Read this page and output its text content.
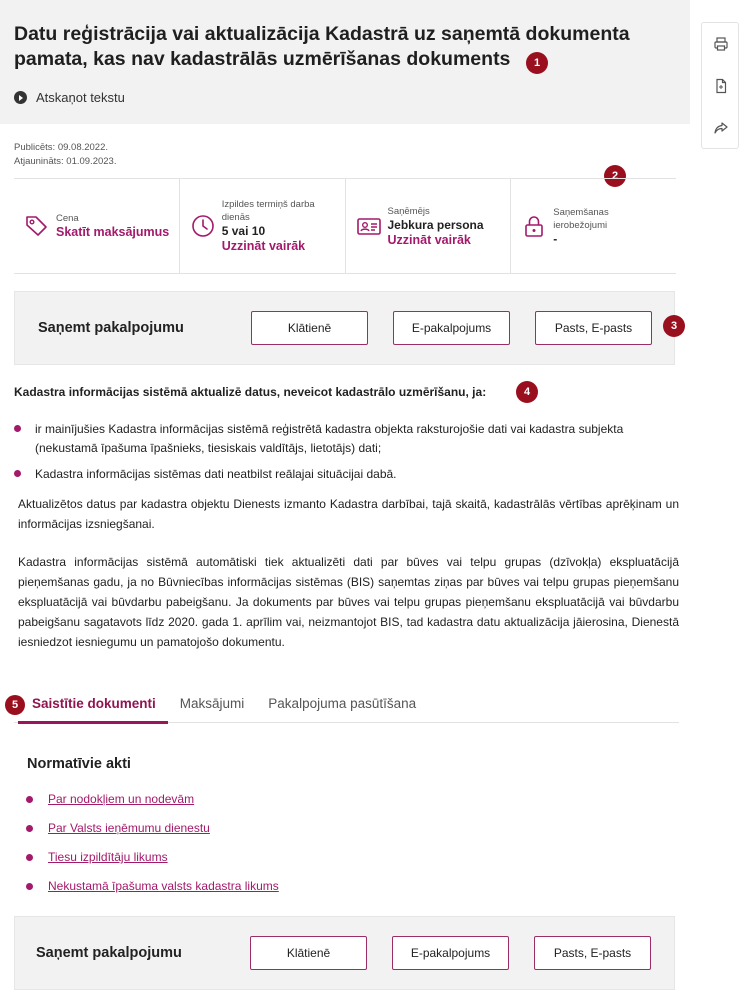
Datu reģistrācija vai aktualizācija Kadastrā uz saņemtā dokumenta pamata, kas nav kadastrālās uzmērīšanas dokuments	1
Atskaņot tekstu
Publicēts: 09.08.2022.
Atjaunināts: 01.09.2023.
2
Cena
Skatīt maksājumus
Izpildes termiņš darba dienās
5 vai 10
Uzzināt vairāk
Saņēmējs
Jebkura persona
Uzzināt vairāk
Saņemšanas ierobežojumi
-
Saņemt pakalpojumu	Klātienē	E-pakalpojums	Pasts, E-pasts	3
Kadastra informācijas sistēmā aktualizē datus, neveicot kadastrālo uzmērīšanu, ja:	4
ir mainījušies Kadastra informācijas sistēmā reģistrētā kadastra objekta raksturojošie dati vai kadastra subjekta (nekustamā īpašuma īpašnieks, tiesiskais valdītājs, lietotājs) dati;
Kadastra informācijas sistēmas dati neatbilst reālajai situācijai dabā.

Aktualizētos datus par kadastra objektu Dienests izmanto Kadastra darbībai, tajā skaitā, kadastrālās vērtības aprēķinam un informācijas izsniegšanai.

Kadastra informācijas sistēmā automātiski tiek aktualizēti dati par būves vai telpu grupas (dzīvokļa) ekspluatācijā pieņemšanas gadu, ja no Būvniecības informācijas sistēmas (BIS) saņemtas ziņas par būves vai telpu grupas pieņemšanu ekspluatācijā vai būvdarbu pabeigšanu. Ja dokuments par būves vai telpu grupas pieņemšanu ekspluatācijā vai būvdarbu pabeigšanu sagatavots līdz 2020. gada 1. aprīlim vai, neizmantojot BIS, tad kadastra datu aktualizācija jāierosina, Dienestā iesniedzot iesniegumu un pamatojošo dokumentu.

Saistītie dokumenti	Maksājumi	Pakalpojuma pasūtīšana
5
Normatīvie akti
Par nodokļiem un nodevām
Par Valsts ieņēmumu dienestu
Tiesu izpildītāju likums
Nekustamā īpašuma valsts kadastra likums
Saņemt pakalpojumu	Klātienē	E-pakalpojums	Pasts, E-pasts
